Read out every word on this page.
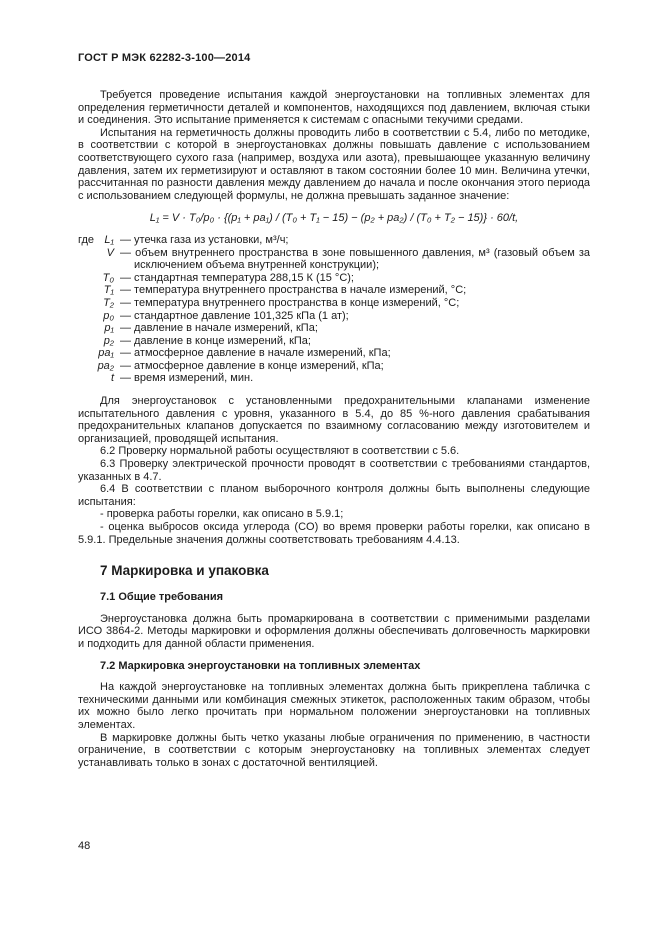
ГОСТ Р МЭК 62282-3-100—2014

Требуется проведение испытания каждой энергоустановки на топливных элементах для определения герметичности деталей и компонентов, находящихся под давлением, включая стыки и соединения. Это испытание применяется к системам с опасными текучими средами.

Испытания на герметичность должны проводить либо в соответствии с 5.4, либо по методике, в соответствии с которой в энергоустановках должны повышать давление с использованием соответствующего сухого газа (например, воздуха или азота), превышающее указанную величину давления, затем их герметизируют и оставляют в таком состоянии более 10 мин. Величина утечки, рассчитанная по разности давления между давлением до начала и после окончания этого периода с использованием следующей формулы, не должна превышать заданное значение:

L₁ = V · T₀/p₀ · {(p₁ + pa₁) / (T₀ + T₁ − 15) − (p₂ + pa₂) / (T₀ + T₂ − 15)} · 60/t,
где L₁ — утечка газа из установки, м³/ч;
V — объем внутреннего пространства в зоне повышенного давления, м³ (газовый объем за исключением объема внутренней конструкции);
T₀ — стандартная температура 288,15 К (15 °C);
T₁ — температура внутреннего пространства в начале измерений, °C;
T₂ — температура внутреннего пространства в конце измерений, °C;
p₀ — стандартное давление 101,325 кПа (1 ат);
p₁ — давление в начале измерений, кПа;
p₂ — давление в конце измерений, кПа;
pa₁ — атмосферное давление в начале измерений, кПа;
pa₂ — атмосферное давление в конце измерений, кПа;
t — время измерений, мин.

Для энергоустановок с установленными предохранительными клапанами изменение испытательного давления с уровня, указанного в 5.4, до 85 %-ного давления срабатывания предохранительных клапанов допускается по взаимному согласованию между изготовителем и организацией, проводящей испытания.

6.2 Проверку нормальной работы осуществляют в соответствии с 5.6.

6.3 Проверку электрической прочности проводят в соответствии с требованиями стандартов, указанных в 4.7.

6.4 В соответствии с планом выборочного контроля должны быть выполнены следующие испытания:

- проверка работы горелки, как описано в 5.9.1;

- оценка выбросов оксида углерода (CO) во время проверки работы горелки, как описано в 5.9.1. Предельные значения должны соответствовать требованиям 4.4.13.

7 Маркировка и упаковка
7.1 Общие требования

Энергоустановка должна быть промаркирована в соответствии с применимыми разделами ИСО 3864-2. Методы маркировки и оформления должны обеспечивать долговечность маркировки и подходить для данной области применения.

7.2 Маркировка энергоустановки на топливных элементах

На каждой энергоустановке на топливных элементах должна быть прикреплена табличка с техническими данными или комбинация смежных этикеток, расположенных таким образом, чтобы их можно было легко прочитать при нормальном положении энергоустановки на топливных элементах.

В маркировке должны быть четко указаны любые ограничения по применению, в частности ограничение, в соответствии с которым энергоустановку на топливных элементах следует устанавливать только в зонах с достаточной вентиляцией.

48
